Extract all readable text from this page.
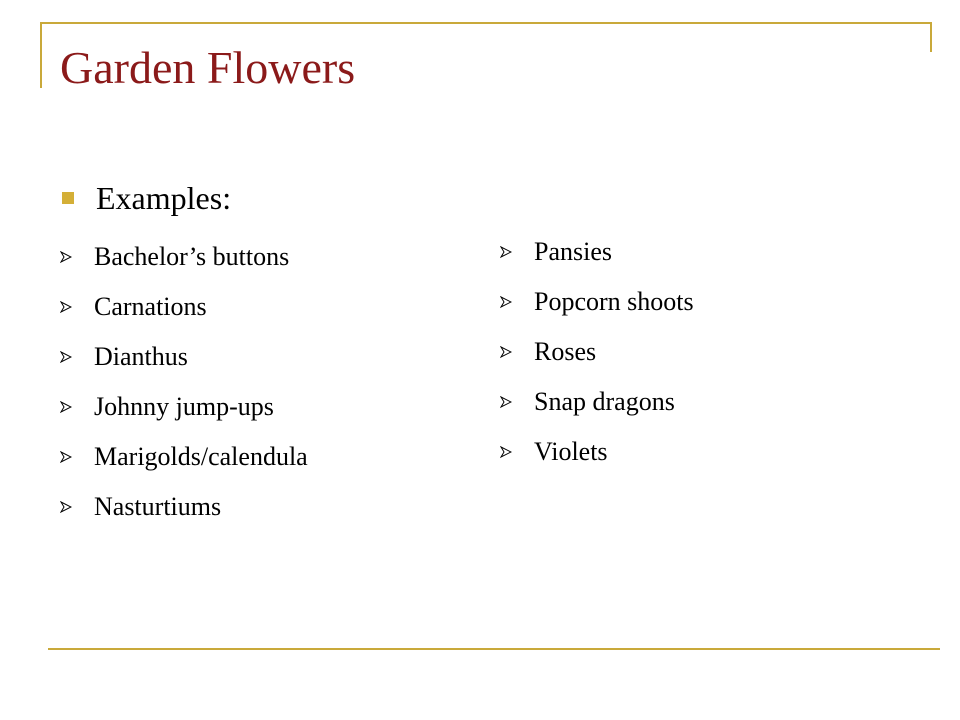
Garden Flowers
Examples:
Bachelor’s buttons
Carnations
Dianthus
Johnny jump-ups
Marigolds/calendula
Nasturtiums
Pansies
Popcorn shoots
Roses
Snap dragons
Violets
